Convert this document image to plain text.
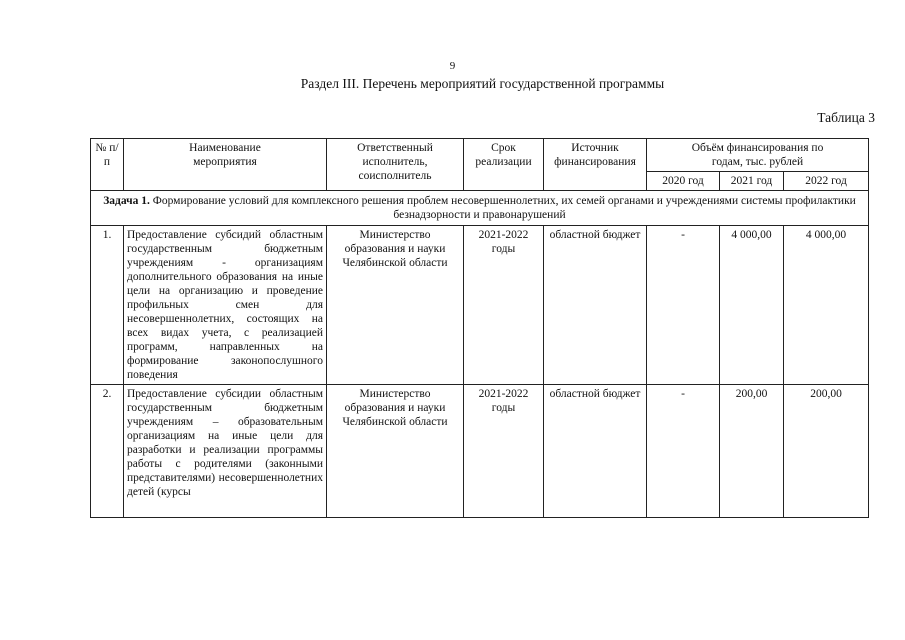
9
Раздел III. Перечень мероприятий государственной программы
Таблица 3
№ п/п	Наименование мероприятия	Ответственный исполнитель, соисполнитель	Срок реализации	Источник финансирования	Объём финансирования по годам, тыс. рублей		
					2020 год	2021 год	2022 год
Задача 1. Формирование условий для комплексного решения проблем несовершеннолетних, их семей органами и учреждениями системы профилактики безнадзорности и правонарушений							
1.	Предоставление субсидий областным государственным бюджетным учреждениям - организациям дополнительного образования на иные цели на организацию и проведение профильных смен для несовершеннолетних, состоящих на всех видах учета, с реализацией программ, направленных на формирование законопослушного поведения	Министерство образования и науки Челябинской области	2021-2022 годы	областной бюджет	-	4 000,00	4 000,00
2.	Предоставление субсидии областным государственным бюджетным учреждениям – образовательным организациям на иные цели для разработки и реализации программы работы с родителями (законными представителями) несовершеннолетних детей (курсы	Министерство образования и науки Челябинской области	2021-2022 годы	областной бюджет	-	200,00	200,00
